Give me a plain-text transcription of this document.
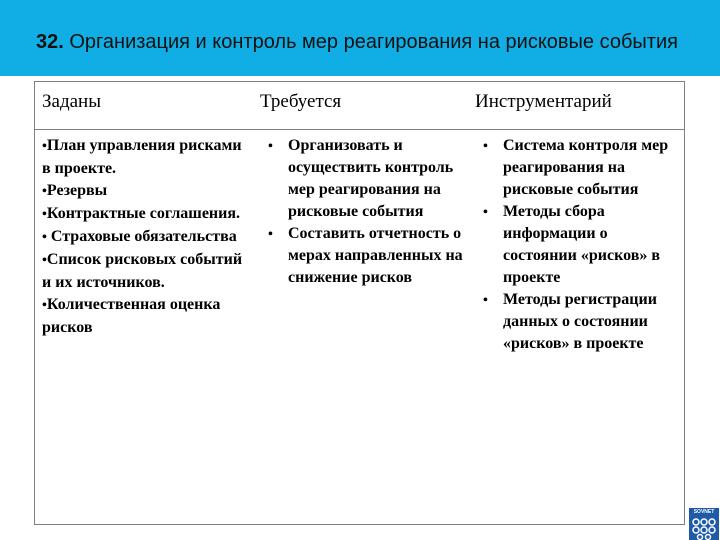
32. Организация и контроль мер реагирования на рисковые события
Заданы	Требуется	Инструментарий

•План управления рисками в проекте.

•Резервы

•Контрактные соглашения.

• Страховые обязательства

•Список рисковых событий и их источников.

•Количественная оценка рисков

• Организовать и осуществить контроль мер реагирования на рисковые события

• Составить отчетность о мерах направленных на снижение рисков

• Система контроля мер реагирования на рисковые события

• Методы сбора информации о состоянии «рисков» в проекте

• Методы регистрации данных о состоянии «рисков» в проекте

SOVNET
